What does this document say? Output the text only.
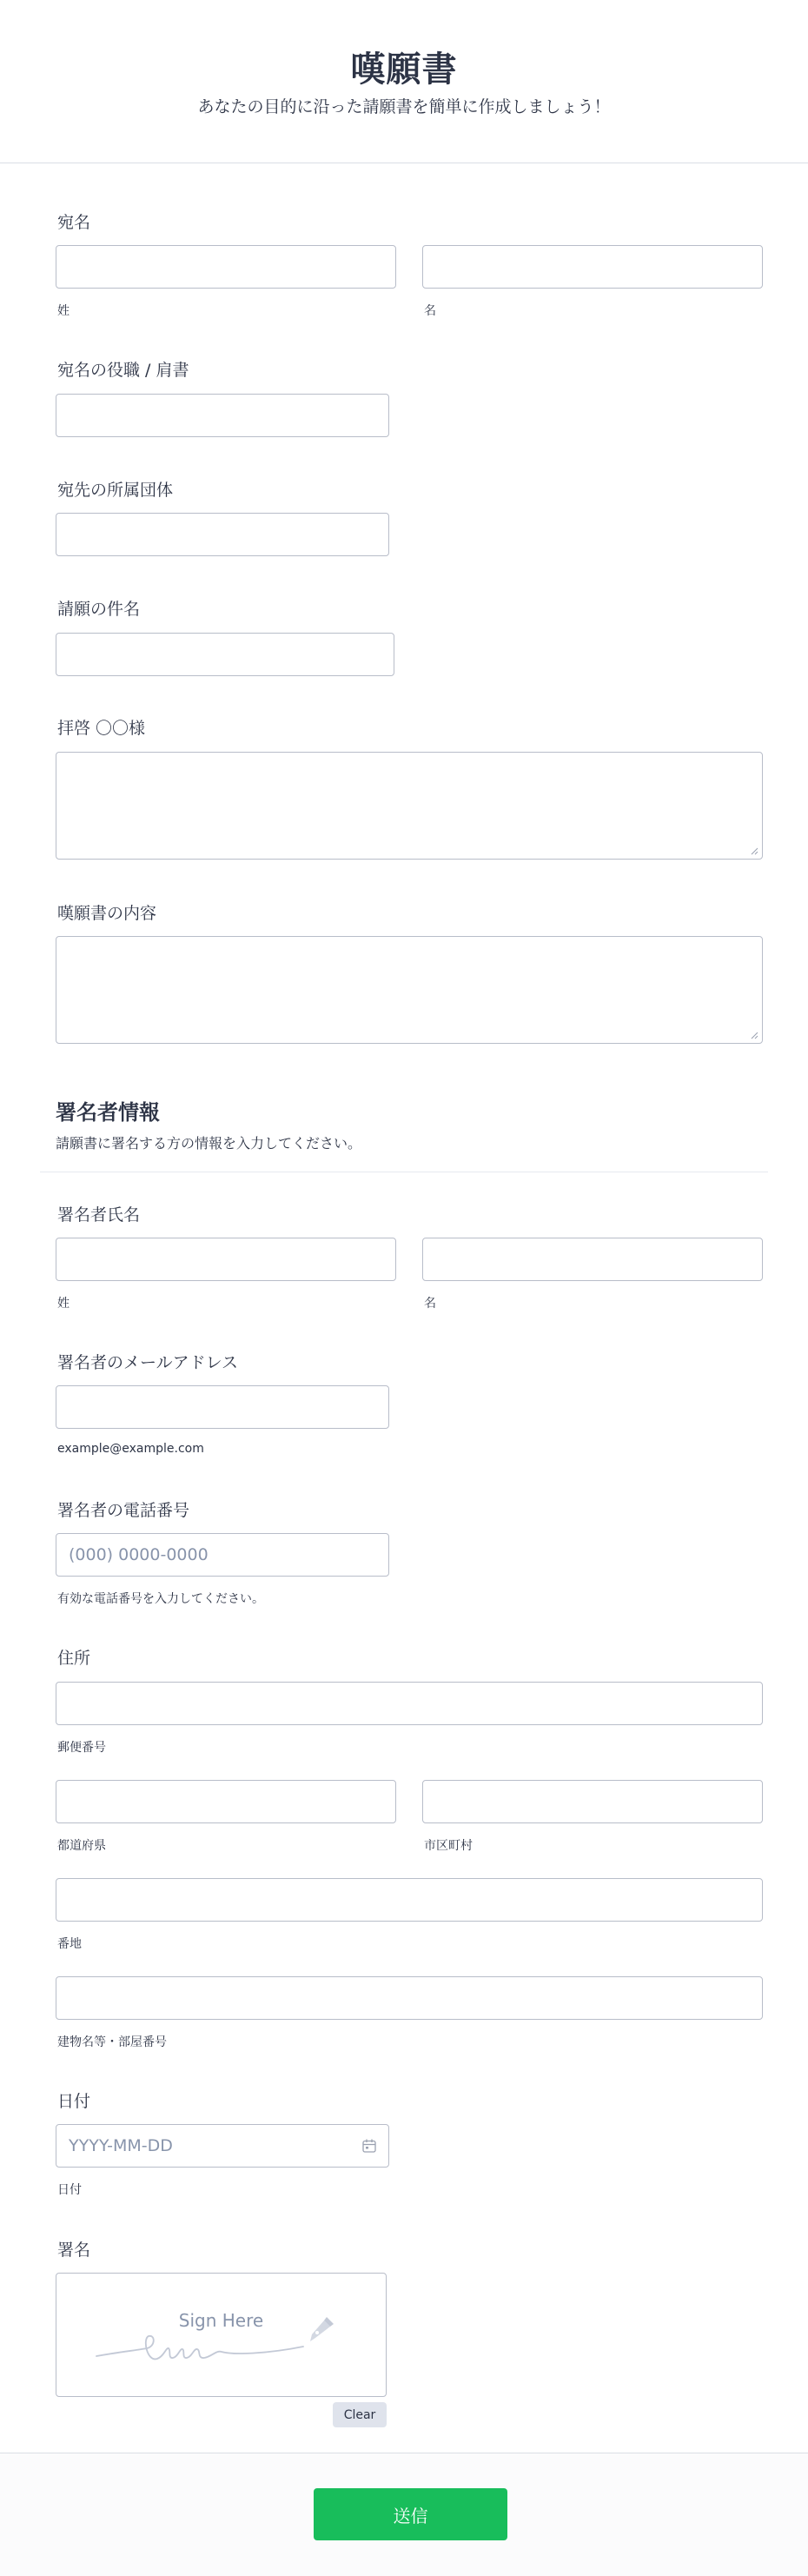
嘆願書

あなたの目的に沿った請願書を簡単に作成しましょう！

宛名
姓	名
宛名の役職 / 肩書
宛先の所属団体
請願の件名
拝啓 〇〇様
嘆願書の内容
署名者情報
請願書に署名する方の情報を入力してください。
署名者氏名
姓	名
署名者のメールアドレス
example@example.com
署名者の電話番号
(000) 0000-0000
有効な電話番号を入力してください。
住所
郵便番号
都道府県	市区町村
番地
建物名等・部屋番号
日付
YYYY-MM-DD
日付
署名
Sign Here
Clear
送信
